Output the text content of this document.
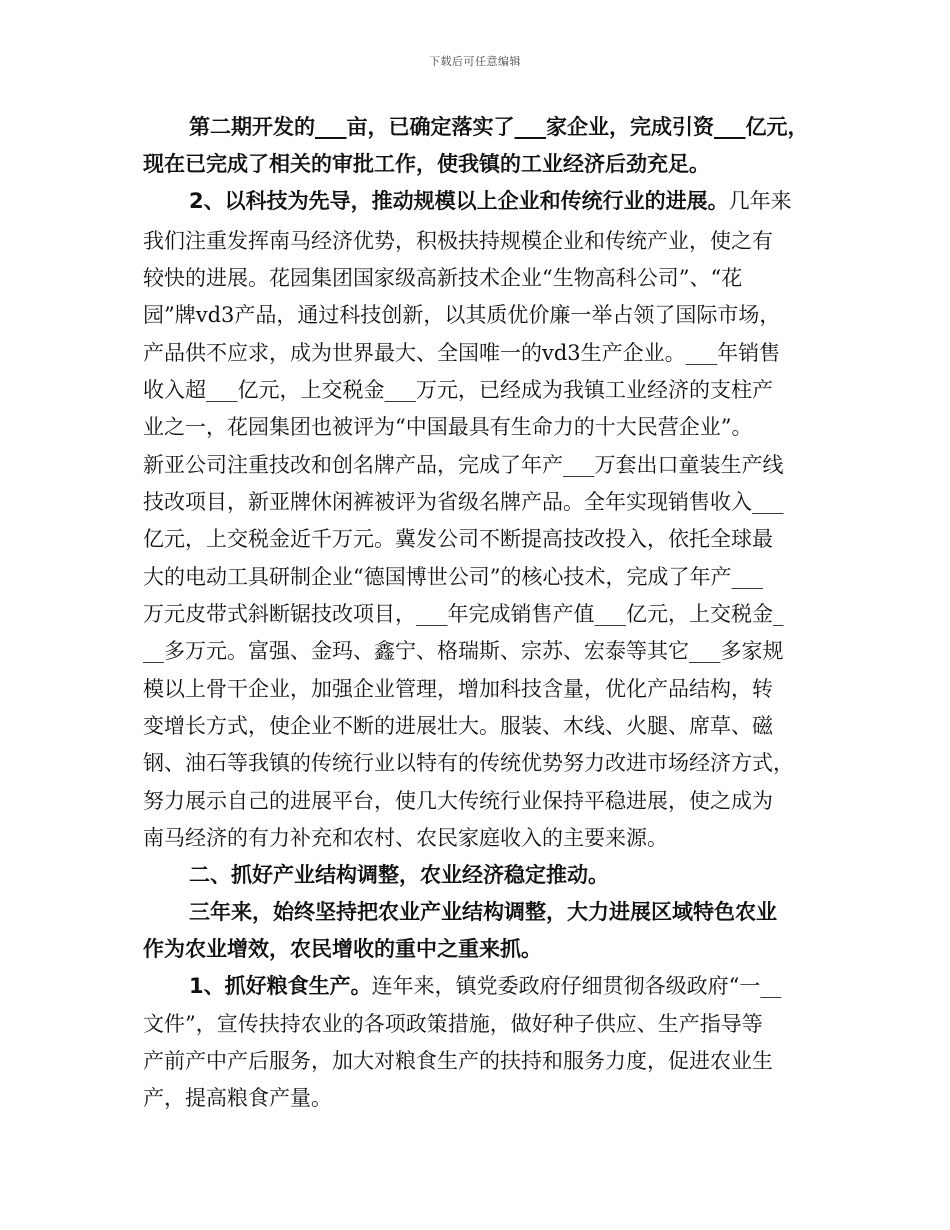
下载后可任意编辑
第二期开发的___亩，已确定落实了___家企业，完成引资___亿元，
现在已完成了相关的审批工作，使我镇的工业经济后劲充足。
2、以科技为先导，推动规模以上企业和传统行业的进展。几年来
我们注重发挥南马经济优势，积极扶持规模企业和传统产业，使之有
较快的进展。花园集团国家级高新技术企业“生物高科公司”、“花
园”牌vd3产品，通过科技创新，以其质优价廉一举占领了国际市场，
产品供不应求，成为世界最大、全国唯一的vd3生产企业。___年销售
收入超___亿元，上交税金___万元，已经成为我镇工业经济的支柱产
业之一，花园集团也被评为“中国最具有生命力的十大民营企业”。
新亚公司注重技改和创名牌产品，完成了年产___万套出口童装生产线
技改项目，新亚牌休闲裤被评为省级名牌产品。全年实现销售收入___
亿元，上交税金近千万元。冀发公司不断提高技改投入，依托全球最
大的电动工具研制企业“德国博世公司”的核心技术，完成了年产___
万元皮带式斜断锯技改项目，___年完成销售产值___亿元，上交税金_
__多万元。富强、金玛、鑫宁、格瑞斯、宗苏、宏泰等其它___多家规
模以上骨干企业，加强企业管理，增加科技含量，优化产品结构，转
变增长方式，使企业不断的进展壮大。服装、木线、火腿、席草、磁
钢、油石等我镇的传统行业以特有的传统优势努力改进市场经济方式，
努力展示自己的进展平台，使几大传统行业保持平稳进展，使之成为
南马经济的有力补充和农村、农民家庭收入的主要来源。
二、抓好产业结构调整，农业经济稳定推动。
三年来，始终坚持把农业产业结构调整，大力进展区域特色农业
作为农业增效，农民增收的重中之重来抓。
1、抓好粮食生产。连年来，镇党委政府仔细贯彻各级政府“一__
文件”，宣传扶持农业的各项政策措施，做好种子供应、生产指导等
产前产中产后服务，加大对粮食生产的扶持和服务力度，促进农业生
产，提高粮食产量。
